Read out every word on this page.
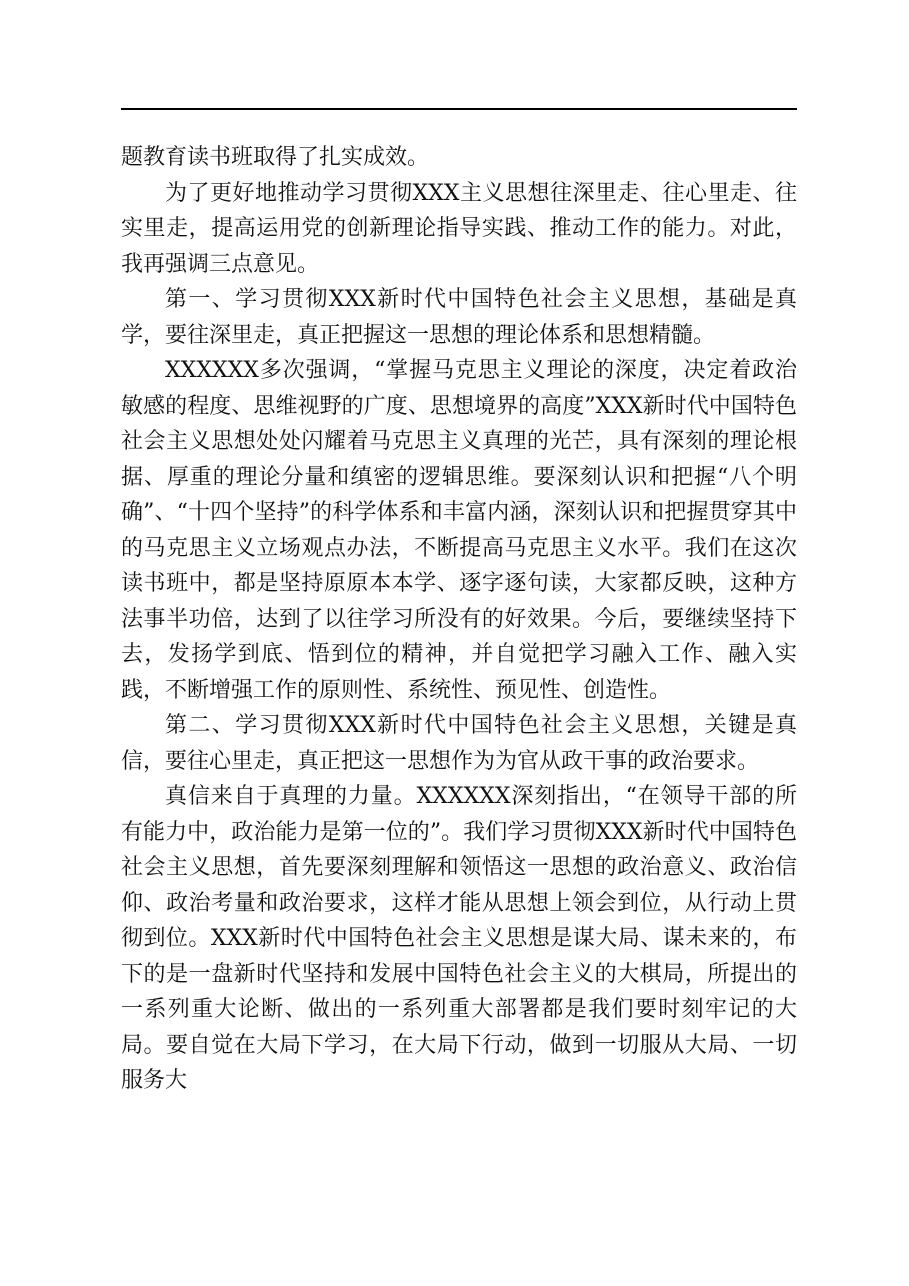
题教育读书班取得了扎实成效。

为了更好地推动学习贯彻XXX主义思想往深里走、往心里走、往实里走，提高运用党的创新理论指导实践、推动工作的能力。对此，我再强调三点意见。

第一、学习贯彻XXX新时代中国特色社会主义思想，基础是真学，要往深里走，真正把握这一思想的理论体系和思想精髓。

XXXXXX多次强调，“掌握马克思主义理论的深度，决定着政治敏感的程度、思维视野的广度、思想境界的高度”XXX新时代中国特色社会主义思想处处闪耀着马克思主义真理的光芒，具有深刻的理论根据、厚重的理论分量和缜密的逻辑思维。要深刻认识和把握“八个明确”、“十四个坚持”的科学体系和丰富内涵，深刻认识和把握贯穿其中的马克思主义立场观点办法，不断提高马克思主义水平。我们在这次读书班中，都是坚持原原本本学、逐字逐句读，大家都反映，这种方法事半功倍，达到了以往学习所没有的好效果。今后，要继续坚持下去，发扬学到底、悟到位的精神，并自觉把学习融入工作、融入实践，不断增强工作的原则性、系统性、预见性、创造性。

第二、学习贯彻XXX新时代中国特色社会主义思想，关键是真信，要往心里走，真正把这一思想作为为官从政干事的政治要求。

真信来自于真理的力量。XXXXXX深刻指出，“在领导干部的所有能力中，政治能力是第一位的”。我们学习贯彻XXX新时代中国特色社会主义思想，首先要深刻理解和领悟这一思想的政治意义、政治信仰、政治考量和政治要求，这样才能从思想上领会到位，从行动上贯彻到位。XXX新时代中国特色社会主义思想是谋大局、谋未来的，布下的是一盘新时代坚持和发展中国特色社会主义的大棋局，所提出的一系列重大论断、做出的一系列重大部署都是我们要时刻牢记的大局。要自觉在大局下学习，在大局下行动，做到一切服从大局、一切服务大
